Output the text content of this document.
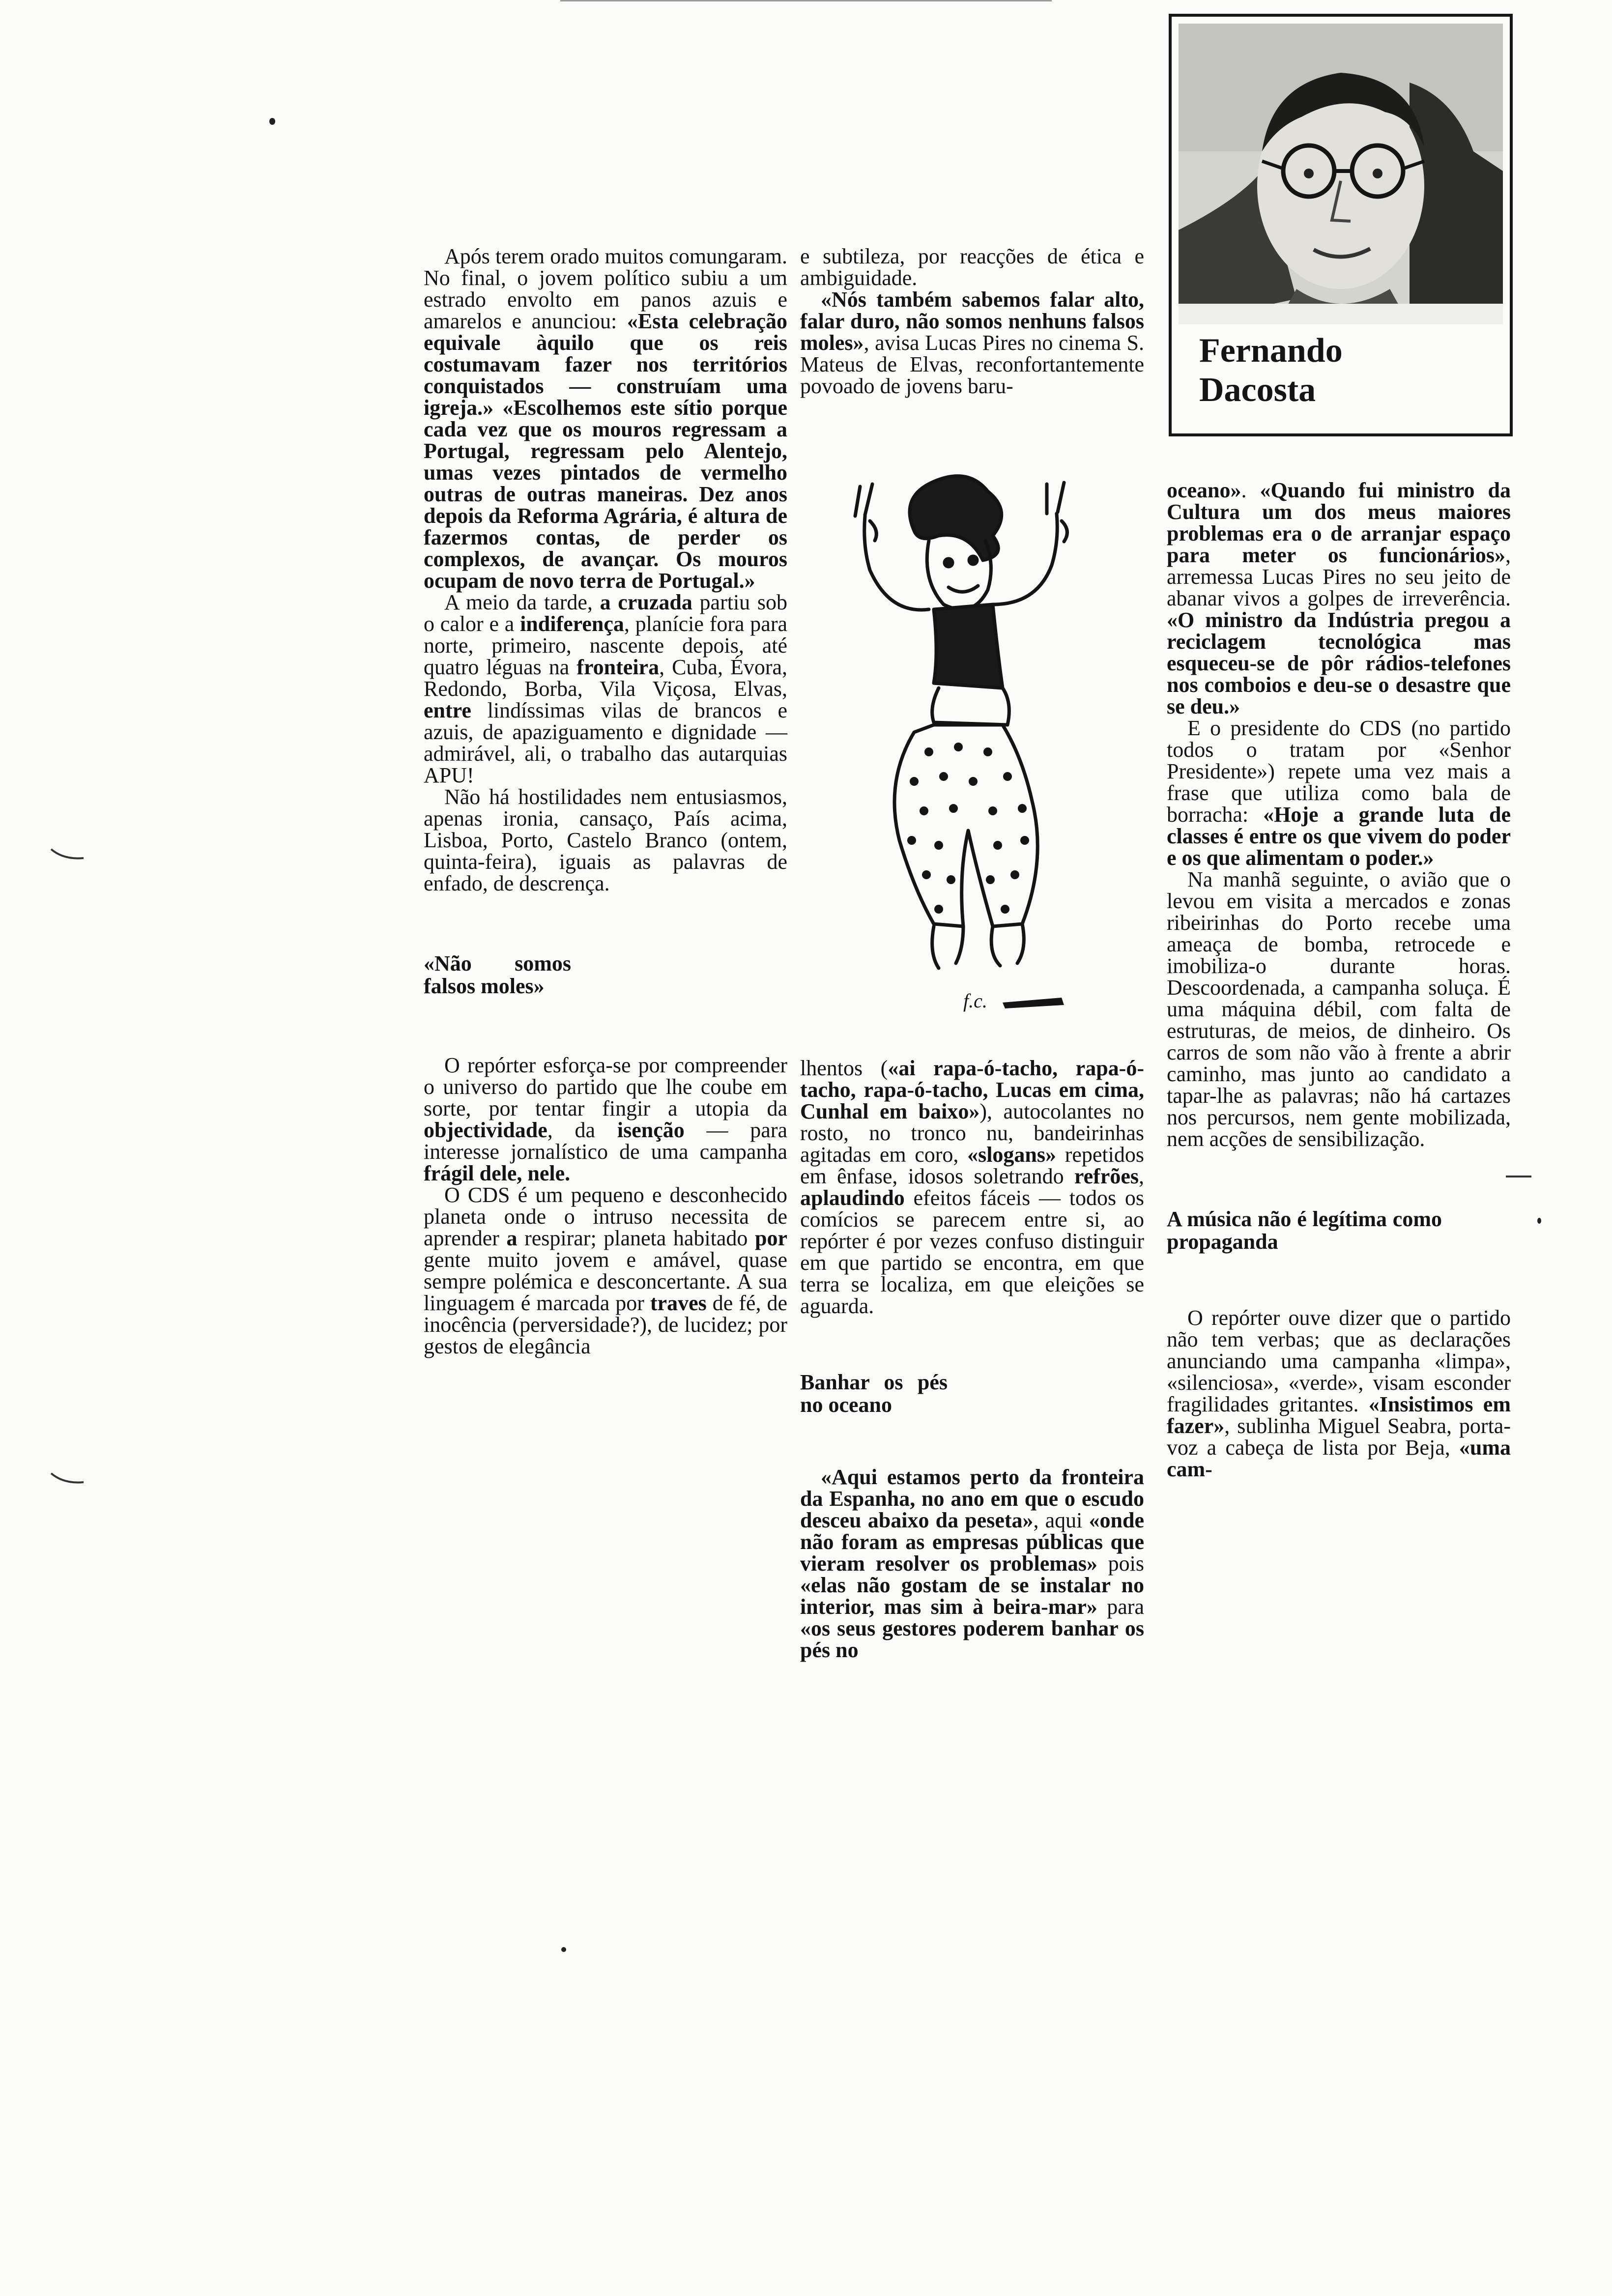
Fernando
Dacosta

Após terem orado muitos comungaram. No final, o jovem político subiu a um estrado envolto em panos azuis e amarelos e anunciou: «Esta celebração equivale àquilo que os reis costumavam fazer nos territórios conquistados — construíam uma igreja.» «Escolhemos este sítio porque cada vez que os mouros regressam a Portugal, regressam pelo Alentejo, umas vezes pintados de vermelho outras de outras maneiras. Dez anos depois da Reforma Agrária, é altura de fazermos contas, de perder os complexos, de avançar. Os mouros ocupam de novo terra de Portugal.»

A meio da tarde, a cruzada partiu sob o calor e a indiferença, planície fora para norte, primeiro, nascente depois, até quatro léguas na fronteira, Cuba, Évora, Redondo, Borba, Vila Viçosa, Elvas, entre lindíssimas vilas de brancos e azuis, de apaziguamento e dignidade — admirável, ali, o trabalho das autarquias APU!

Não há hostilidades nem entusiasmos, apenas ironia, cansaço, País acima, Lisboa, Porto, Castelo Branco (ontem, quinta-feira), iguais as palavras de enfado, de descrença.

«Não somos falsos moles»

O repórter esforça-se por compreender o universo do partido que lhe coube em sorte, por tentar fingir a utopia da objectividade, da isenção — para interesse jornalístico de uma campanha frágil dele, nele.

O CDS é um pequeno e desconhecido planeta onde o intruso necessita de aprender a respirar; planeta habitado por gente muito jovem e amável, quase sempre polémica e desconcertante. A sua linguagem é marcada por traves de fé, de inocência (perversidade?), de lucidez; por gestos de elegância

e subtileza, por reacções de ética e ambiguidade.

«Nós também sabemos falar alto, falar duro, não somos nenhuns falsos moles», avisa Lucas Pires no cinema S. Mateus de Elvas, reconfortantemente povoado de jovens baru-

f.c.

lhentos («ai rapa-ó-tacho, rapa-ó-tacho, rapa-ó-tacho, Lucas em cima, Cunhal em baixo»), autocolantes no rosto, no tronco nu, bandeirinhas agitadas em coro, «slogans» repetidos em ênfase, idosos soletrando refrões, aplaudindo efeitos fáceis — todos os comícios se parecem entre si, ao repórter é por vezes confuso distinguir em que partido se encontra, em que terra se localiza, em que eleições se aguarda.

Banhar os pés no oceano

«Aqui estamos perto da fronteira da Espanha, no ano em que o escudo desceu abaixo da peseta», aqui «onde não foram as empresas públicas que vieram resolver os problemas» pois «elas não gostam de se instalar no interior, mas sim à beira-mar» para «os seus gestores poderem banhar os pés no

oceano». «Quando fui ministro da Cultura um dos meus maiores problemas era o de arranjar espaço para meter os funcionários», arremessa Lucas Pires no seu jeito de abanar vivos a golpes de irreverência. «O ministro da Indústria pregou a reciclagem tecnológica mas esqueceu-se de pôr rádios-telefones nos comboios e deu-se o desastre que se deu.»

E o presidente do CDS (no partido todos o tratam por «Senhor Presidente») repete uma vez mais a frase que utiliza como bala de borracha: «Hoje a grande luta de classes é entre os que vivem do poder e os que alimentam o poder.»

Na manhã seguinte, o avião que o levou em visita a mercados e zonas ribeirinhas do Porto recebe uma ameaça de bomba, retrocede e imobiliza-o durante horas. Descoordenada, a campanha soluça. É uma máquina débil, com falta de estruturas, de meios, de dinheiro. Os carros de som não vão à frente a abrir caminho, mas junto ao candidato a tapar-lhe as palavras; não há cartazes nos percursos, nem gente mobilizada, nem acções de sensibilização.

A música não é legítima como propaganda

O repórter ouve dizer que o partido não tem verbas; que as declarações anunciando uma campanha «limpa», «silenciosa», «verde», visam esconder fragilidades gritantes. «Insistimos em fazer», sublinha Miguel Seabra, porta-voz a cabeça de lista por Beja, «uma cam-
